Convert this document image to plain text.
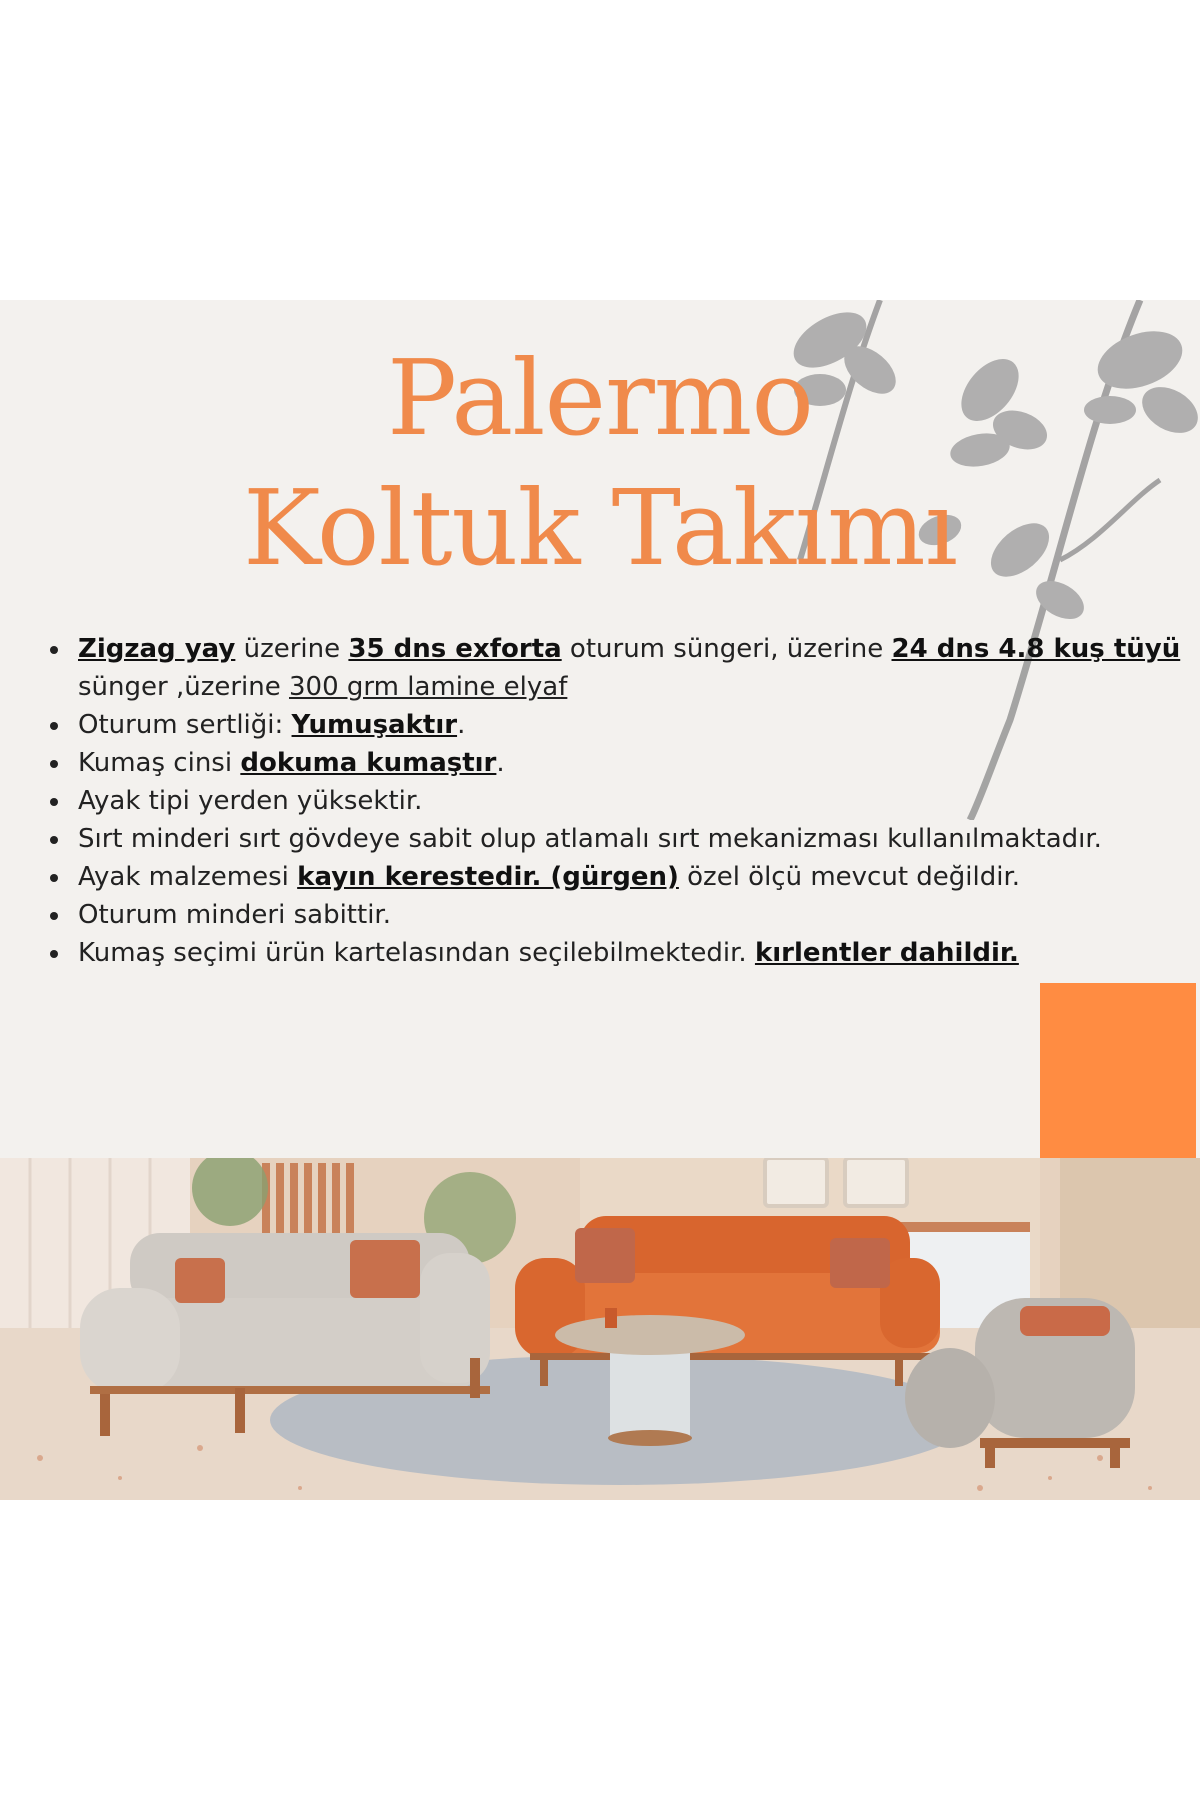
Palermo
Koltuk Takımı
• Zigzag yay üzerine 35 dns exforta oturum süngeri, üzerine 24 dns 4.8 kuş tüyü sünger ,üzerine 300 grm lamine elyaf
• Oturum sertliği: Yumuşaktır.
• Kumaş cinsi dokuma kumaştır.
• Ayak tipi yerden yüksektir.
• Sırt minderi sırt gövdeye sabit olup atlamalı sırt mekanizması kullanılmaktadır.
• Ayak malzemesi kayın kerestedir. (gürgen) özel ölçü mevcut değildir.
• Oturum minderi sabittir.
• Kumaş seçimi ürün kartelasından seçilebilmektedir. kırlentler dahildir.
